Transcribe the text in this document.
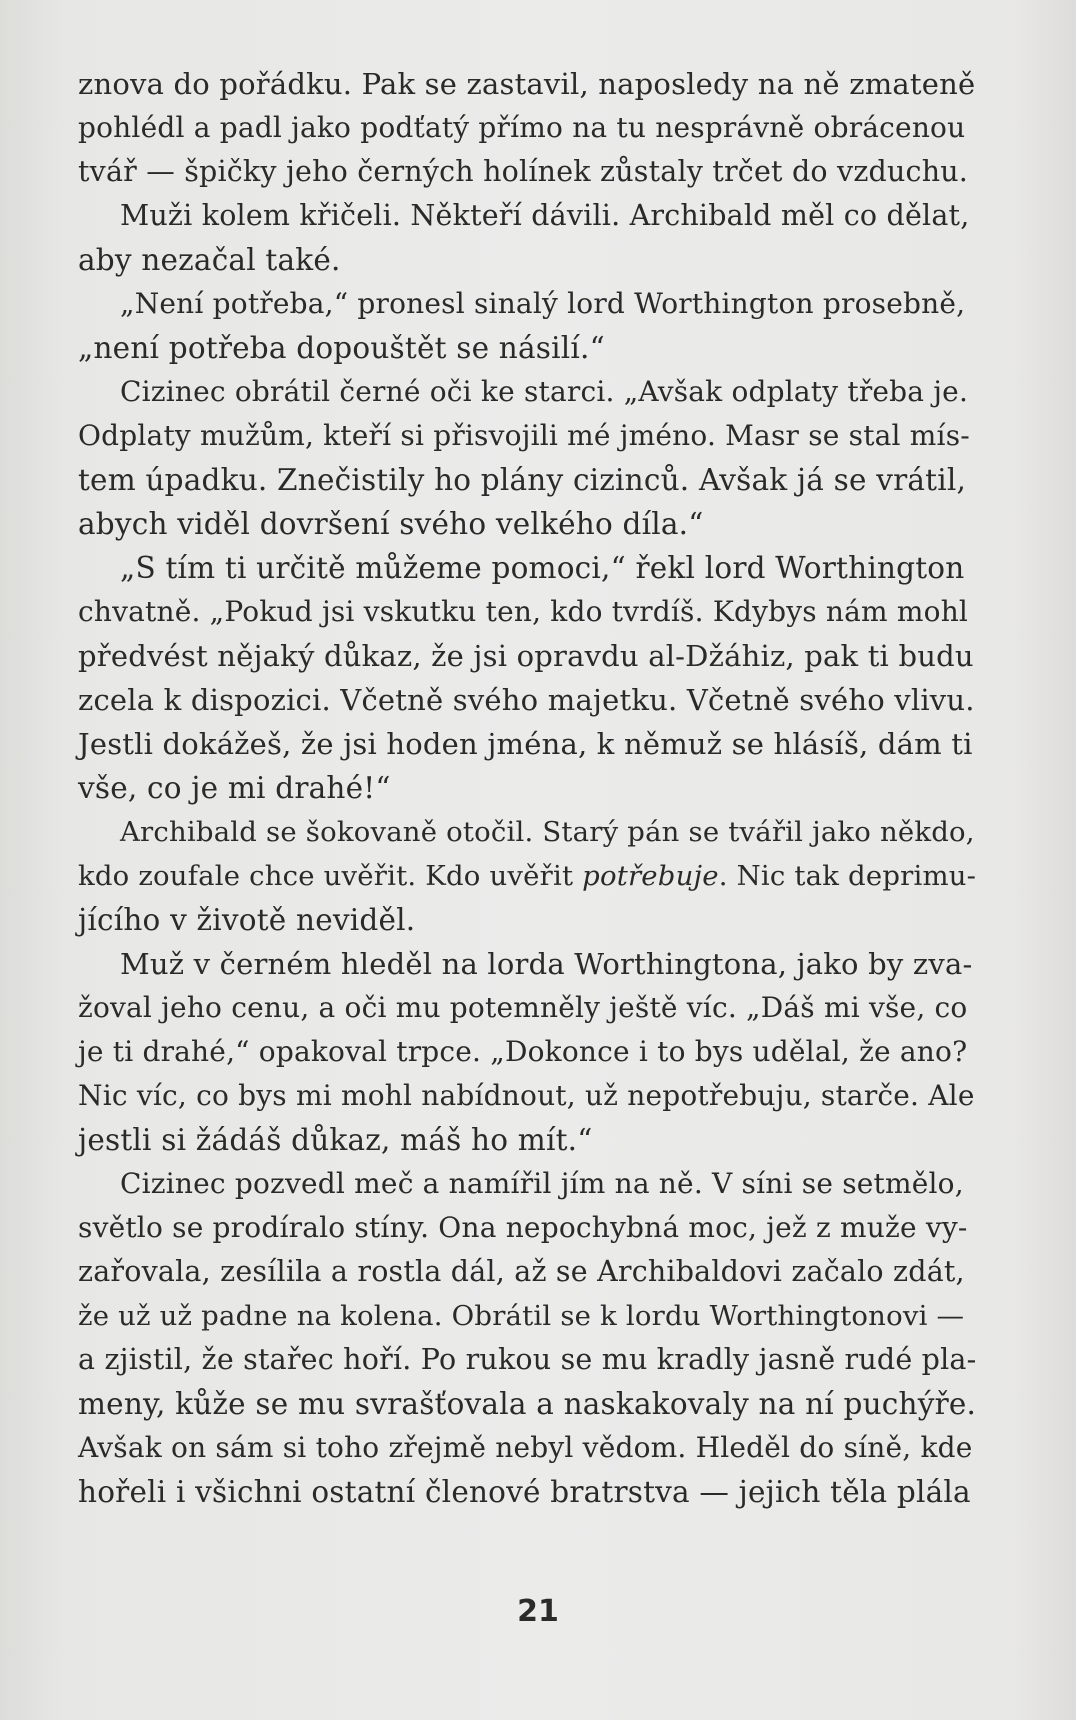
znova do pořádku. Pak se zastavil, naposledy na ně zmateně
pohlédl a padl jako podťatý přímo na tu nesprávně obrácenou
tvář — špičky jeho černých holínek zůstaly trčet do vzduchu.
Muži kolem křičeli. Někteří dávili. Archibald měl co dělat,
aby nezačal také.
„Není potřeba,“ pronesl sinalý lord Worthington prosebně,
„není potřeba dopouštět se násilí.“
Cizinec obrátil černé oči ke starci. „Avšak odplaty třeba je.
Odplaty mužům, kteří si přisvojili mé jméno. Masr se stal mís-
tem úpadku. Znečistily ho plány cizinců. Avšak já se vrátil,
abych viděl dovršení svého velkého díla.“
„S tím ti určitě můžeme pomoci,“ řekl lord Worthington
chvatně. „Pokud jsi vskutku ten, kdo tvrdíš. Kdybys nám mohl
předvést nějaký důkaz, že jsi opravdu al-Džáhiz, pak ti budu
zcela k dispozici. Včetně svého majetku. Včetně svého vlivu.
Jestli dokážeš, že jsi hoden jména, k němuž se hlásíš, dám ti
vše, co je mi drahé!“
Archibald se šokovaně otočil. Starý pán se tvářil jako někdo,
kdo zoufale chce uvěřit. Kdo uvěřit potřebuje. Nic tak deprimu-
jícího v životě neviděl.
Muž v černém hleděl na lorda Worthingtona, jako by zva-
žoval jeho cenu, a oči mu potemněly ještě víc. „Dáš mi vše, co
je ti drahé,“ opakoval trpce. „Dokonce i to bys udělal, že ano?
Nic víc, co bys mi mohl nabídnout, už nepotřebuju, starče. Ale
jestli si žádáš důkaz, máš ho mít.“
Cizinec pozvedl meč a namířil jím na ně. V síni se setmělo,
světlo se prodíralo stíny. Ona nepochybná moc, jež z muže vy-
zařovala, zesílila a rostla dál, až se Archibaldovi začalo zdát,
že už už padne na kolena. Obrátil se k lordu Worthingtonovi —
a zjistil, že stařec hoří. Po rukou se mu kradly jasně rudé pla-
meny, kůže se mu svrašťovala a naskakovaly na ní puchýře.
Avšak on sám si toho zřejmě nebyl vědom. Hleděl do síně, kde
hořeli i všichni ostatní členové bratrstva — jejich těla plála
21
